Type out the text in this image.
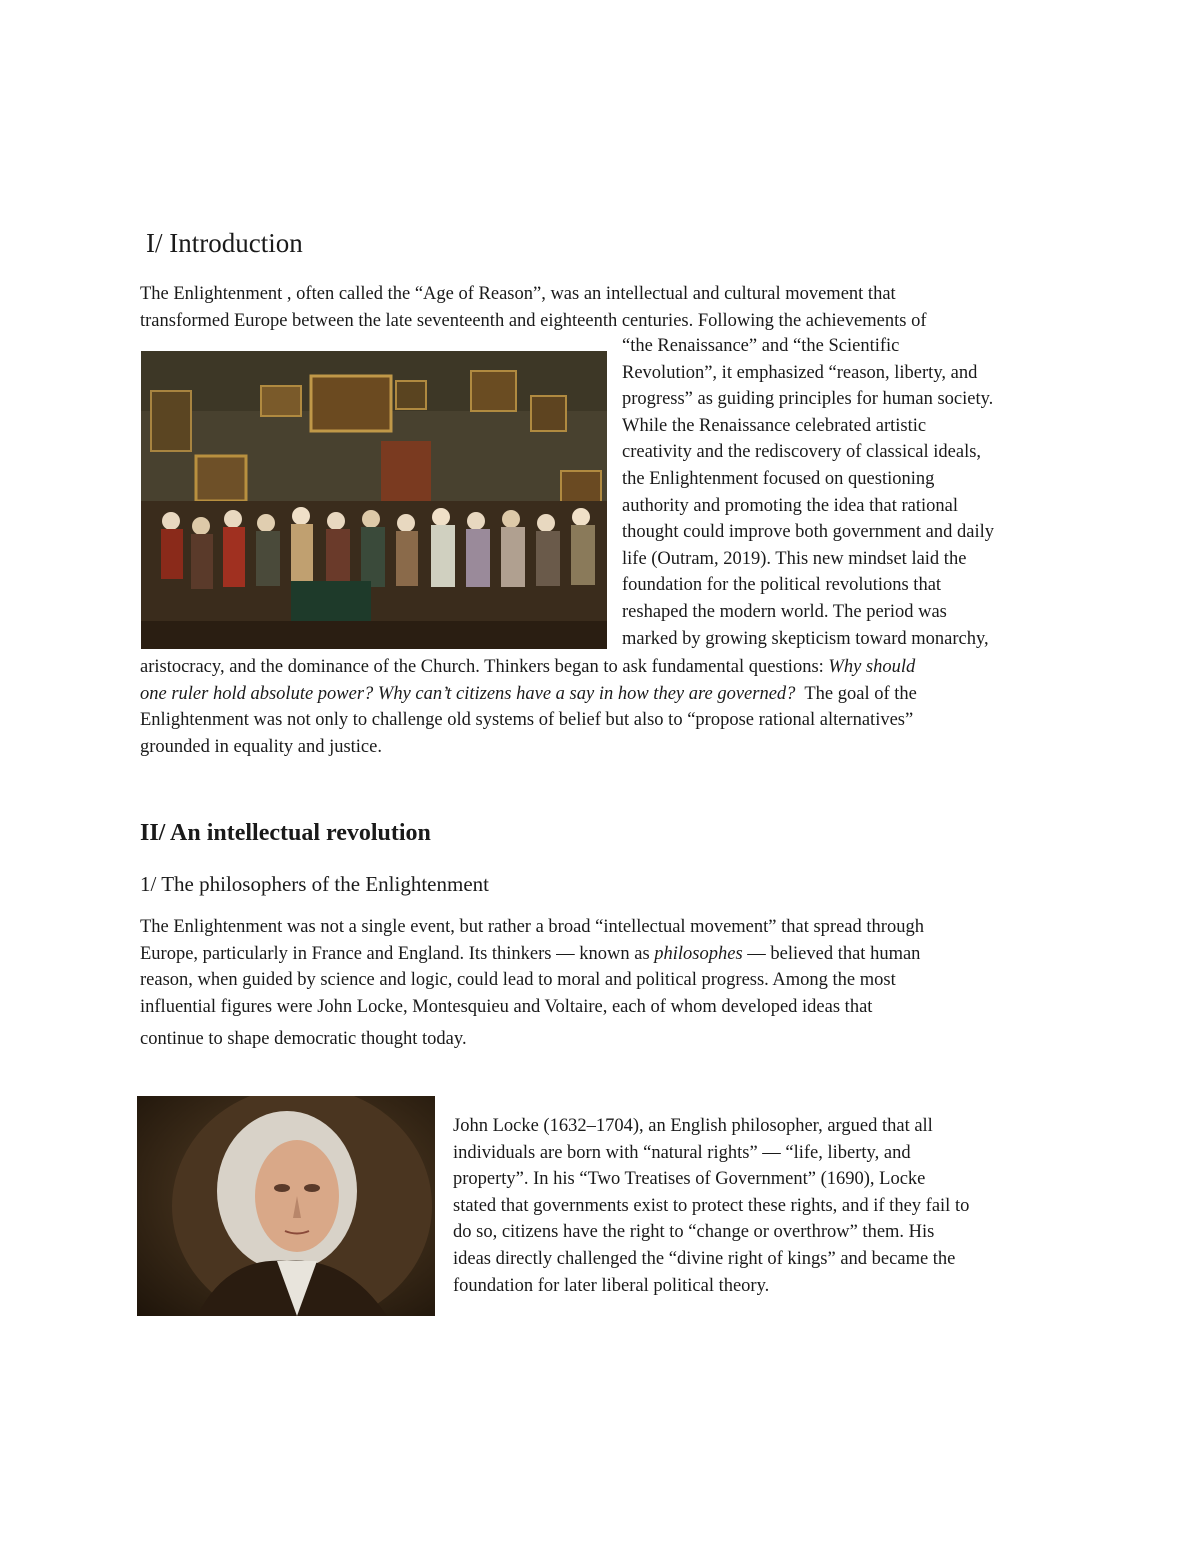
I/ Introduction
The Enlightenment , often called the “Age of Reason”, was an intellectual and cultural movement that
transformed Europe between the late seventeenth and eighteenth centuries. Following the achievements of
“the Renaissance” and “the Scientific
Revolution”, it emphasized “reason, liberty, and
progress” as guiding principles for human society.
While the Renaissance celebrated artistic
creativity and the rediscovery of classical ideals,
the Enlightenment focused on questioning
authority and promoting the idea that rational
thought could improve both government and daily
life (Outram, 2019). This new mindset laid the
foundation for the political revolutions that
reshaped the modern world. The period was
marked by growing skepticism toward monarchy,
aristocracy, and the dominance of the Church. Thinkers began to ask fundamental questions: Why should
one ruler hold absolute power? Why can’t citizens have a say in how they are governed?  The goal of the
Enlightenment was not only to challenge old systems of belief but also to “propose rational alternatives”
grounded in equality and justice.
II/ An intellectual revolution
1/ The philosophers of the Enlightenment
The Enlightenment was not a single event, but rather a broad “intellectual movement” that spread through
Europe, particularly in France and England. Its thinkers — known as philosophes — believed that human
reason, when guided by science and logic, could lead to moral and political progress. Among the most
influential figures were John Locke, Montesquieu and Voltaire, each of whom developed ideas that
continue to shape democratic thought today.
John Locke (1632–1704), an English philosopher, argued that all
individuals are born with “natural rights” — “life, liberty, and
property”. In his “Two Treatises of Government” (1690), Locke
stated that governments exist to protect these rights, and if they fail to
do so, citizens have the right to “change or overthrow” them. His
ideas directly challenged the “divine right of kings” and became the
foundation for later liberal political theory.
